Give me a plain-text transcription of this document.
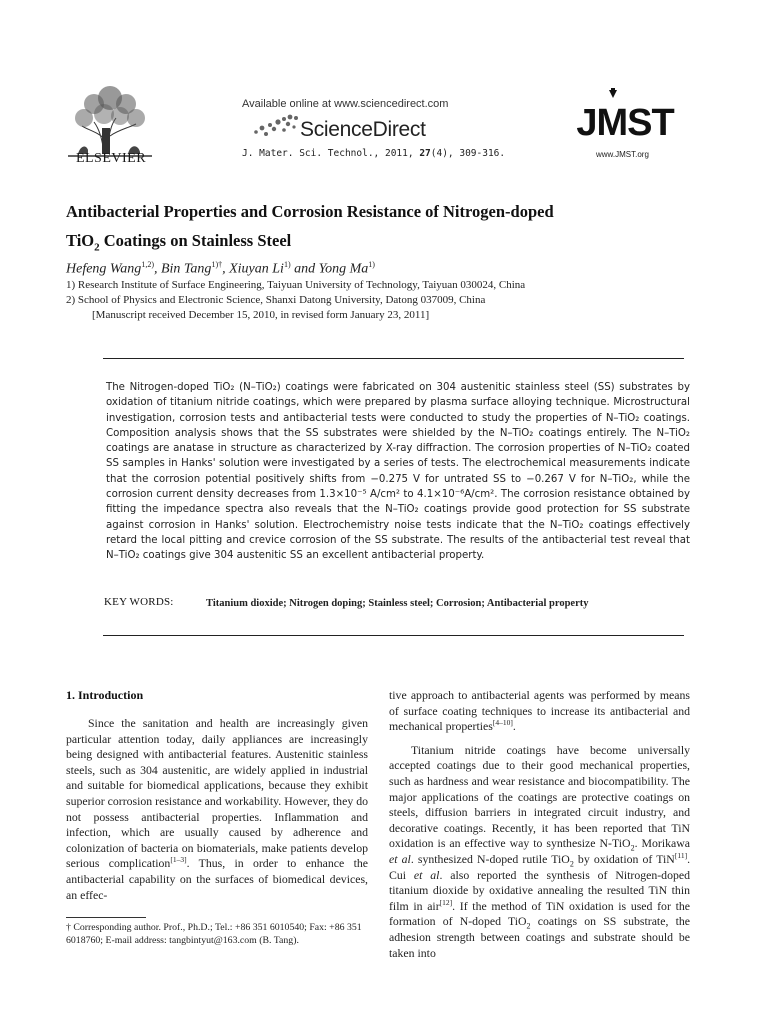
ELSEVIER
Available online at www.sciencedirect.com
ScienceDirect
J. Mater. Sci. Technol., 2011, 27(4), 309-316.
JMST
www.JMST.org
Antibacterial Properties and Corrosion Resistance of Nitrogen-doped
TiO$_2$ Coatings on Stainless Steel
Hefeng Wang$^{1,2)}$, Bin Tang$^{1)\dagger}$, Xiuyan Li$^{1)}$ and Yong Ma$^{1)}$
1) Research Institute of Surface Engineering, Taiyuan University of Technology, Taiyuan 030024, China
2) School of Physics and Electronic Science, Shanxi Datong University, Datong 037009, China
[Manuscript received December 15, 2010, in revised form January 23, 2011]
The Nitrogen-doped TiO₂ (N–TiO₂) coatings were fabricated on 304 austenitic stainless steel (SS) substrates by oxidation of titanium nitride coatings, which were prepared by plasma surface alloying technique. Microstructural investigation, corrosion tests and antibacterial tests were conducted to study the properties of N–TiO₂ coatings. Composition analysis shows that the SS substrates were shielded by the N–TiO₂ coatings entirely. The N–TiO₂ coatings are anatase in structure as characterized by X-ray diffraction. The corrosion properties of N–TiO₂ coated SS samples in Hanks' solution were investigated by a series of tests. The electrochemical measurements indicate that the corrosion potential positively shifts from −0.275 V for untrated SS to −0.267 V for N–TiO₂, while the corrosion current density decreases from 1.3×10⁻⁵ A/cm² to 4.1×10⁻⁶A/cm². The corrosion resistance obtained by fitting the impedance spectra also reveals that the N–TiO₂ coatings provide good protection for SS substrate against corrosion in Hanks' solution. Electrochemistry noise tests indicate that the N–TiO₂ coatings effectively retard the local pitting and crevice corrosion of the SS substrate. The results of the antibacterial test reveal that N–TiO₂ coatings give 304 austenitic SS an excellent antibacterial property.
KEY WORDS:	Titanium dioxide; Nitrogen doping; Stainless steel; Corrosion; Antibacterial property
1. Introduction

Since the sanitation and health are increasingly given particular attention today, daily appliances are increasingly being designed with antibacterial features. Austenitic stainless steels, such as 304 austenitic, are widely applied in industrial and suitable for biomedical applications, because they exhibit superior corrosion resistance and workability. However, they do not possess antibacterial properties. Inflammation and infection, which are usually caused by adherence and colonization of bacteria on biomaterials, make patients develop serious complication[1–3]. Thus, in order to enhance the antibacterial capability on the surfaces of biomedical devices, an effec-

tive approach to antibacterial agents was performed by means of surface coating techniques to increase its antibacterial and mechanical properties[4–10].

Titanium nitride coatings have become universally accepted coatings due to their good mechanical properties, such as hardness and wear resistance and biocompatibility. The major applications of the coatings are protective coatings on steels, diffusion barriers in integrated circuit industry, and decorative coatings. Recently, it has been reported that TiN oxidation is an effective way to synthesize N-TiO$_2$. Morikawa et al. synthesized N-doped rutile TiO$_2$ by oxidation of TiN[11]. Cui et al. also reported the synthesis of Nitrogen-doped titanium dioxide by oxidative annealing the resulted TiN thin film in air[12]. If the method of TiN oxidation is used for the formation of N-doped TiO$_2$ coatings on SS substrate, the adhesion strength between coatings and substrate should be taken into

† Corresponding author. Prof., Ph.D.; Tel.: +86 351 6010540; Fax: +86 351 6018760; E-mail address: tangbintyut@163.com (B. Tang).
